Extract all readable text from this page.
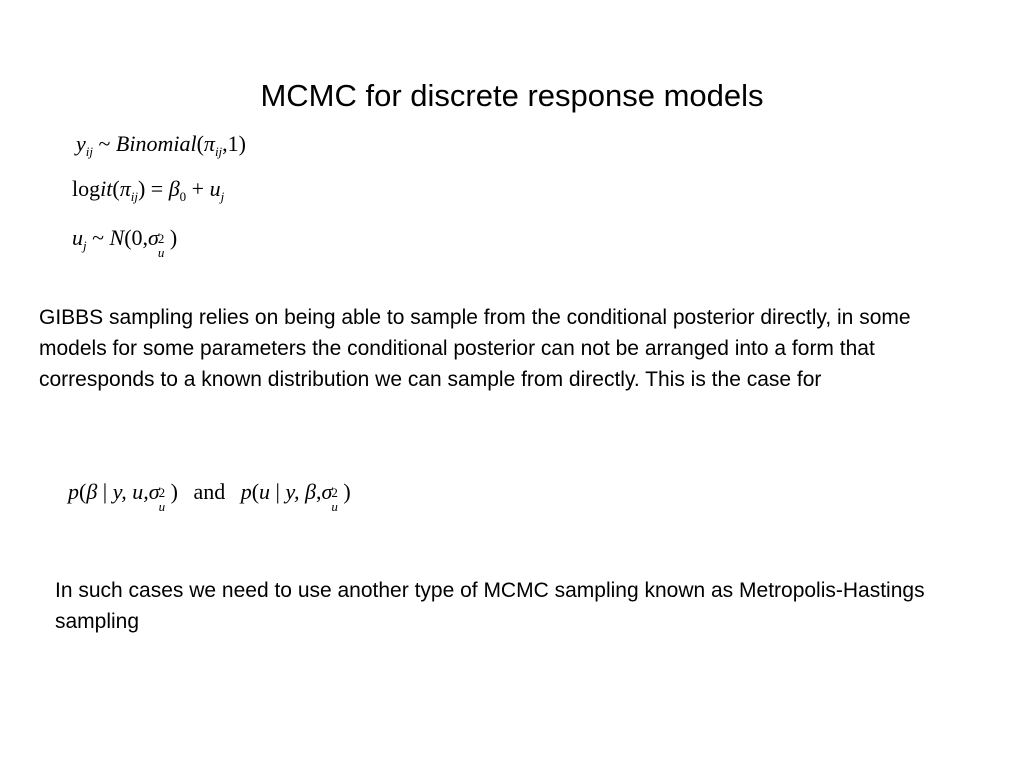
MCMC for discrete response models
$y_{ij}$ ~ $Binomial(\pi_{ij},1)$
$logit(\pi_{ij}) = \beta_0 + u_j$
$u_j$ ~ N(0,σ 2
u
)

GIBBS sampling relies on being able to sample from the conditional posterior directly, in some models for some parameters the conditional posterior can not be arranged into a form that corresponds to a known distribution we can sample from directly. This is the case for

p(β | y, u,σ 2
u
) and p(u | y, β,σ 2
u
)

In such cases we need to use another type of MCMC sampling known as Metropolis-Hastings sampling
